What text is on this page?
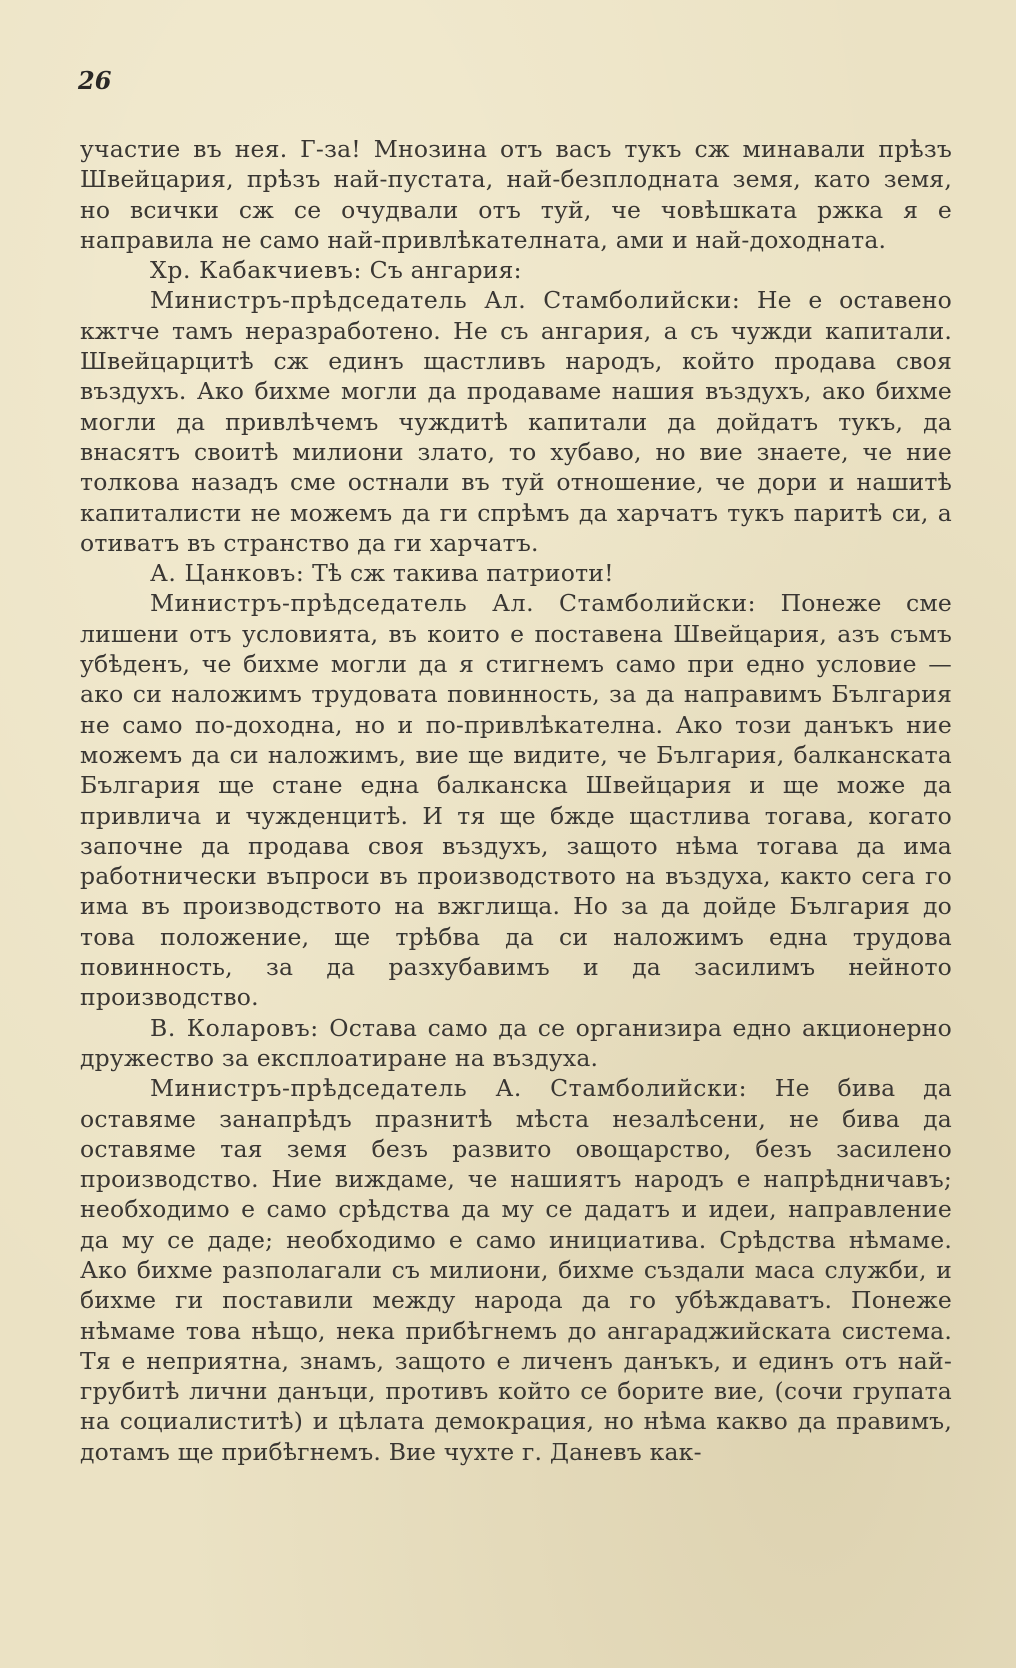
26

участие въ нея. Г-за! Мнозина отъ васъ тукъ сж минавали прѣзъ Швейцария, прѣзъ най-пустата, най-безплодната земя, като земя, но всички сж се очудвали отъ туй, че човѣшката ржка я е направила не само най-привлѣкателната, ами и най-доходната.

Хр. Кабакчиевъ: Съ ангария:

Министръ-прѣдседатель Ал. Стамболийски: Не е оставено кжтче тамъ неразработено. Не съ ангария, а съ чужди капитали. Швейцарцитѣ сж единъ щастливъ народъ, който продава своя въздухъ. Ако бихме могли да продаваме нашия въздухъ, ако бихме могли да привлѣчемъ чуждитѣ капитали да дойдатъ тукъ, да внасятъ своитѣ милиони злато, то хубаво, но вие знаете, че ние толкова назадъ сме остнали въ туй отношение, че дори и нашитѣ капиталисти не можемъ да ги спрѣмъ да харчатъ тукъ паритѣ си, а отиватъ въ странство да ги харчатъ.

А. Цанковъ: Тѣ сж такива патриоти!

Министръ-прѣдседатель Ал. Стамболийски: Понеже сме лишени отъ условията, въ които е поставена Швейцария, азъ съмъ убѣденъ, че бихме могли да я стигнемъ само при едно условие — ако си наложимъ трудовата повинность, за да направимъ България не само по-доходна, но и по-привлѣкателна. Ако този данъкъ ние можемъ да си наложимъ, вие ще видите, че България, балканската България ще стане една балканска Швейцария и ще може да привлича и чужденцитѣ. И тя ще бжде щастлива тогава, когато започне да продава своя въздухъ, защото нѣма тогава да има работнически въпроси въ производството на въздуха, както сега го има въ производството на вжглища. Но за да дойде България до това положение, ще трѣбва да си наложимъ една трудова повинность, за да разхубавимъ и да засилимъ нейното производство.

В. Коларовъ: Остава само да се организира едно акционерно дружество за експлоатиране на въздуха.

Министръ-прѣдседатель А. Стамболийски: Не бива да оставяме занапрѣдъ празнитѣ мѣста незалѣсени, не бива да оставяме тая земя безъ развито овощарство, безъ засилено производство. Ние виждаме, че нашиятъ народъ е напрѣдничавъ; необходимо е само срѣдства да му се дадатъ и идеи, направление да му се даде; необходимо е само инициатива. Срѣдства нѣмаме. Ако бихме разполагали съ милиони, бихме създали маса служби, и бихме ги поставили между народа да го убѣждаватъ. Понеже нѣмаме това нѣщо, нека прибѣгнемъ до ангараджийската система. Тя е неприятна, знамъ, защото е личенъ данъкъ, и единъ отъ най-грубитѣ лични данъци, противъ който се борите вие, (сочи групата на социалиститѣ) и цѣлата демокрация, но нѣма какво да правимъ, дотамъ ще прибѣгнемъ. Вие чухте г. Даневъ как-
